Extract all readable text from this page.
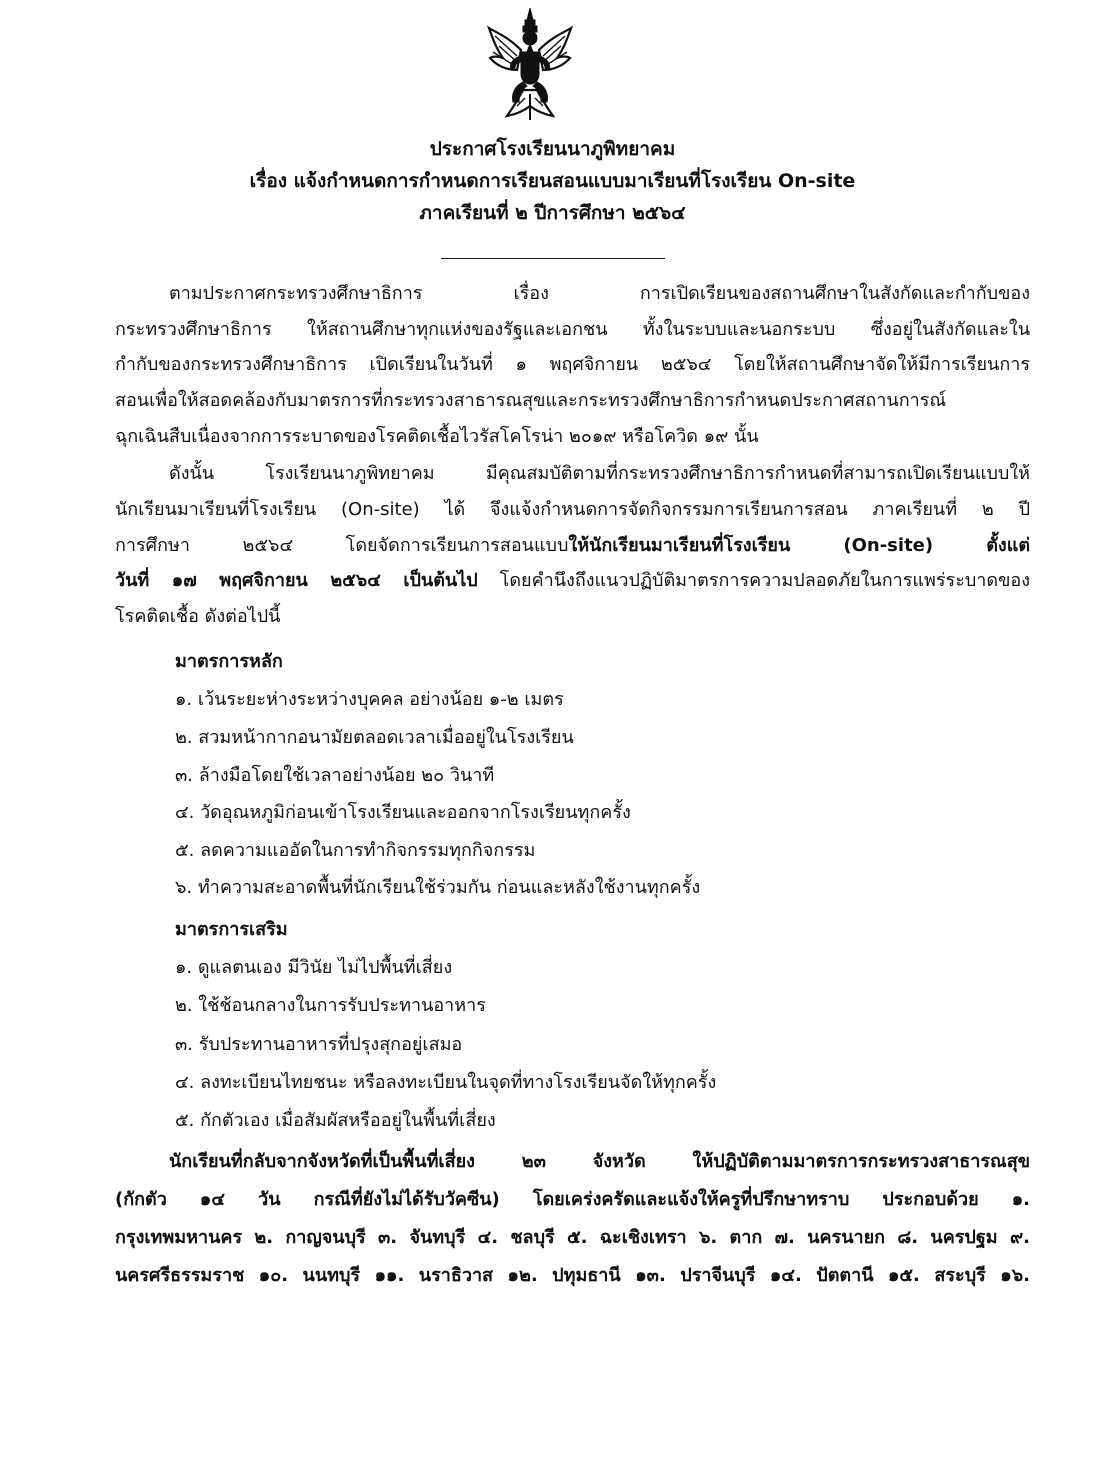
ประกาศโรงเรียนนาภูพิทยาคม
เรื่อง แจ้งกำหนดการกำหนดการเรียนสอนแบบมาเรียนที่โรงเรียน On-site
ภาคเรียนที่ ๒ ปีการศึกษา ๒๕๖๔
ตามประกาศกระทรวงศึกษาธิการ เรื่อง การเปิดเรียนของสถานศึกษาในสังกัดและกำกับของ
กระทรวงศึกษาธิการ ให้สถานศึกษาทุกแห่งของรัฐและเอกชน ทั้งในระบบและนอกระบบ ซึ่งอยู่ในสังกัดและใน
กำกับของกระทรวงศึกษาธิการ เปิดเรียนในวันที่ ๑ พฤศจิกายน ๒๕๖๔ โดยให้สถานศึกษาจัดให้มีการเรียนการ
สอนเพื่อให้สอดคล้องกับมาตรการที่กระทรวงสาธารณสุขและกระทรวงศึกษาธิการกำหนดประกาศสถานการณ์
ฉุกเฉินสืบเนื่องจากการระบาดของโรคติดเชื้อไวรัสโคโรน่า ๒๐๑๙ หรือโควิด ๑๙ นั้น
ดังนั้น โรงเรียนนาภูพิทยาคม มีคุณสมบัติตามที่กระทรวงศึกษาธิการกำหนดที่สามารถเปิดเรียนแบบให้
นักเรียนมาเรียนที่โรงเรียน (On-site) ได้ จึงแจ้งกำหนดการจัดกิจกรรมการเรียนการสอน ภาคเรียนที่ ๒ ปี
การศึกษา ๒๕๖๔ โดยจัดการเรียนการสอนแบบให้นักเรียนมาเรียนที่โรงเรียน (On-site) ตั้งแต่
วันที่ ๑๗ พฤศจิกายน ๒๕๖๔ เป็นต้นไป โดยคำนึงถึงแนวปฏิบัติมาตรการความปลอดภัยในการแพร่ระบาดของ
โรคติดเชื้อ ดังต่อไปนี้
มาตรการหลัก
๑. เว้นระยะห่างระหว่างบุคคล อย่างน้อย ๑-๒ เมตร
๒. สวมหน้ากากอนามัยตลอดเวลาเมื่ออยู่ในโรงเรียน
๓. ล้างมือโดยใช้เวลาอย่างน้อย ๒๐ วินาที
๔. วัดอุณหภูมิก่อนเข้าโรงเรียนและออกจากโรงเรียนทุกครั้ง
๕. ลดความแออัดในการทำกิจกรรมทุกกิจกรรม
๖. ทำความสะอาดพื้นที่นักเรียนใช้ร่วมกัน ก่อนและหลังใช้งานทุกครั้ง
มาตรการเสริม
๑. ดูแลตนเอง มีวินัย ไม่ไปพื้นที่เสี่ยง
๒. ใช้ช้อนกลางในการรับประทานอาหาร
๓. รับประทานอาหารที่ปรุงสุกอยู่เสมอ
๔. ลงทะเบียนไทยชนะ หรือลงทะเบียนในจุดที่ทางโรงเรียนจัดให้ทุกครั้ง
๕. กักตัวเอง เมื่อสัมผัสหรืออยู่ในพื้นที่เสี่ยง
นักเรียนที่กลับจากจังหวัดที่เป็นพื้นที่เสี่ยง ๒๓ จังหวัด ให้ปฏิบัติตามมาตรการกระทรวงสาธารณสุข
(กักตัว ๑๔ วัน กรณีที่ยังไม่ได้รับวัคซีน) โดยเคร่งครัดและแจ้งให้ครูที่ปรึกษาทราบ ประกอบด้วย ๑.
กรุงเทพมหานคร ๒. กาญจนบุรี ๓. จันทบุรี ๔. ชลบุรี ๕. ฉะเชิงเทรา ๖. ตาก ๗. นครนายก ๘. นครปฐม ๙.
นครศรีธรรมราช ๑๐. นนทบุรี ๑๑. นราธิวาส ๑๒. ปทุมธานี ๑๓. ปราจีนบุรี ๑๔. ปัตตานี ๑๕. สระบุรี ๑๖.
